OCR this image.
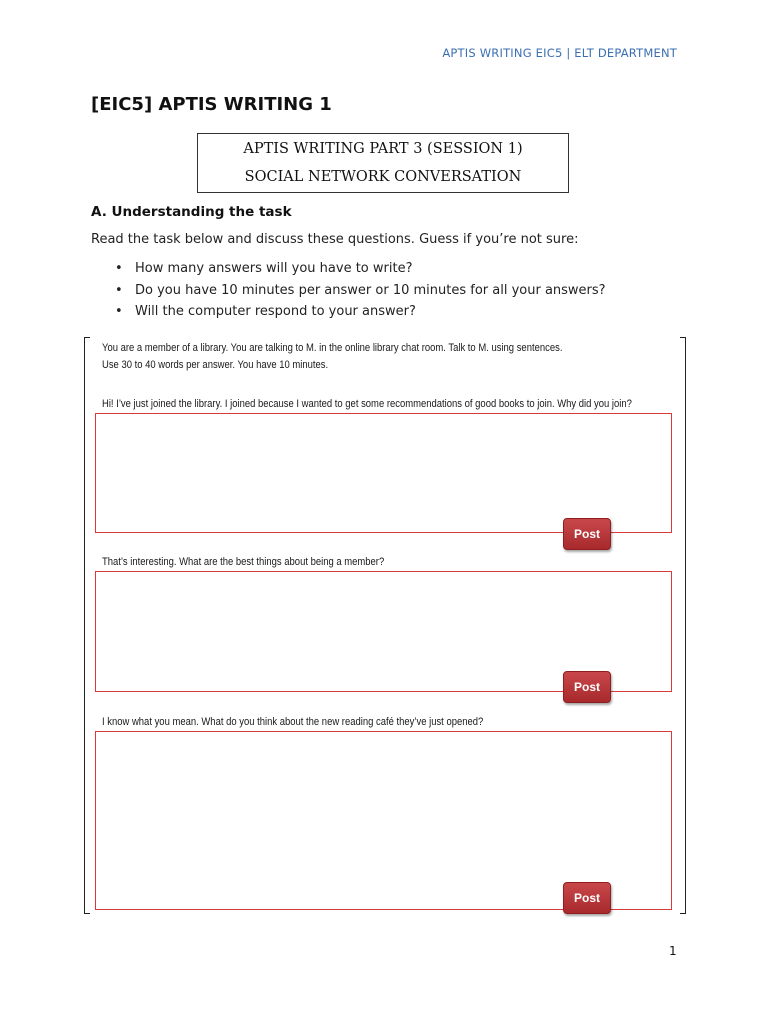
APTIS WRITING EIC5 | ELT DEPARTMENT
[EIC5] APTIS WRITING 1
APTIS WRITING PART 3 (SESSION 1)
SOCIAL NETWORK CONVERSATION
A. Understanding the task
Read the task below and discuss these questions. Guess if you’re not sure:
• How many answers will you have to write?
• Do you have 10 minutes per answer or 10 minutes for all your answers?
• Will the computer respond to your answer?
You are a member of a library. You are talking to M. in the online library chat room. Talk to M. using sentences.
Use 30 to 40 words per answer. You have 10 minutes.
Hi! I’ve just joined the library. I joined because I wanted to get some recommendations of good books to join. Why did you join?
Post
That’s interesting. What are the best things about being a member?
Post
I know what you mean. What do you think about the new reading café they’ve just opened?
Post
1
